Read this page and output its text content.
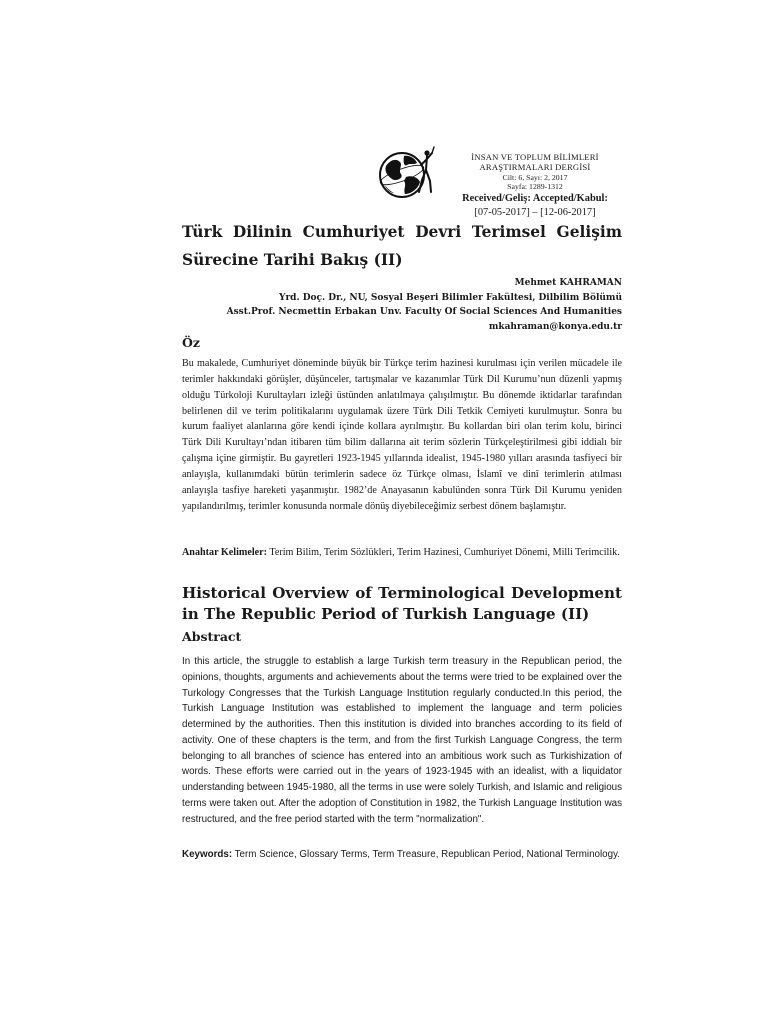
İNSAN VE TOPLUM BİLİMLERİ
ARAŞTIRMALARI DERGİSİ
Cilt: 6, Sayı: 2, 2017
Sayfa: 1289-1312
Received/Geliş: Accepted/Kabul:
[07-05-2017] – [12-06-2017]
Türk Dilinin Cumhuriyet Devri Terimsel Gelişim Sürecine Tarihi Bakış (II)
Mehmet KAHRAMAN
Yrd. Doç. Dr., NU, Sosyal Beşeri Bilimler Fakültesi, Dilbilim Bölümü
Asst.Prof. Necmettin Erbakan Unv. Faculty Of Social Sciences And Humanities
mkahraman@konya.edu.tr
Öz

Bu makalede, Cumhuriyet döneminde büyük bir Türkçe terim hazinesi kurulması için verilen mücadele ile terimler hakkındaki görüşler, düşünceler, tartışmalar ve kazanımlar Türk Dil Kurumu’nun düzenli yapmış olduğu Türkoloji Kurultayları izleği üstünden anlatılmaya çalışılmıştır. Bu dönemde iktidarlar tarafından belirlenen dil ve terim politikalarını uygulamak üzere Türk Dili Tetkik Cemiyeti kurulmuştur. Sonra bu kurum faaliyet alanlarına göre kendi içinde kollara ayrılmıştır. Bu kollardan biri olan terim kolu, birinci Türk Dili Kurultayı’ndan itibaren tüm bilim dallarına ait terim sözlerin Türkçeleştirilmesi gibi iddialı bir çalışma içine girmiştir. Bu gayretleri 1923-1945 yıllarında idealist, 1945-1980 yılları arasında tasfiyeci bir anlayışla, kullanımdaki bütün terimlerin sadece öz Türkçe olması, İslamî ve dinî terimlerin atılması anlayışla tasfiye hareketi yaşanmıştır. 1982’de Anayasanın kabulünden sonra Türk Dil Kurumu yeniden yapılandırılmış, terimler konusunda normale dönüş diyebileceğimiz serbest dönem başlamıştır.

Anahtar Kelimeler: Terim Bilim, Terim Sözlükleri, Terim Hazinesi, Cumhuriyet Dönemi, Milli Terimcilik.

Historical Overview of Terminological Development in The Republic Period of Turkish Language (II)
Abstract

In this article, the struggle to establish a large Turkish term treasury in the Republican period, the opinions, thoughts, arguments and achievements about the terms were tried to be explained over the Turkology Congresses that the Turkish Language Institution regularly conducted.In this period, the Turkish Language Institution was established to implement the language and term policies determined by the authorities. Then this institution is divided into branches according to its field of activity. One of these chapters is the term, and from the first Turkish Language Congress, the term belonging to all branches of science has entered into an ambitious work such as Turkishization of words. These efforts were carried out in the years of 1923-1945 with an idealist, with a liquidator understanding between 1945-1980, all the terms in use were solely Turkish, and Islamic and religious terms were taken out. After the adoption of Constitution in 1982, the Turkish Language Institution was restructured, and the free period started with the term "normalization".

Keywords: Term Science, Glossary Terms, Term Treasure, Republican Period, National Terminology.
